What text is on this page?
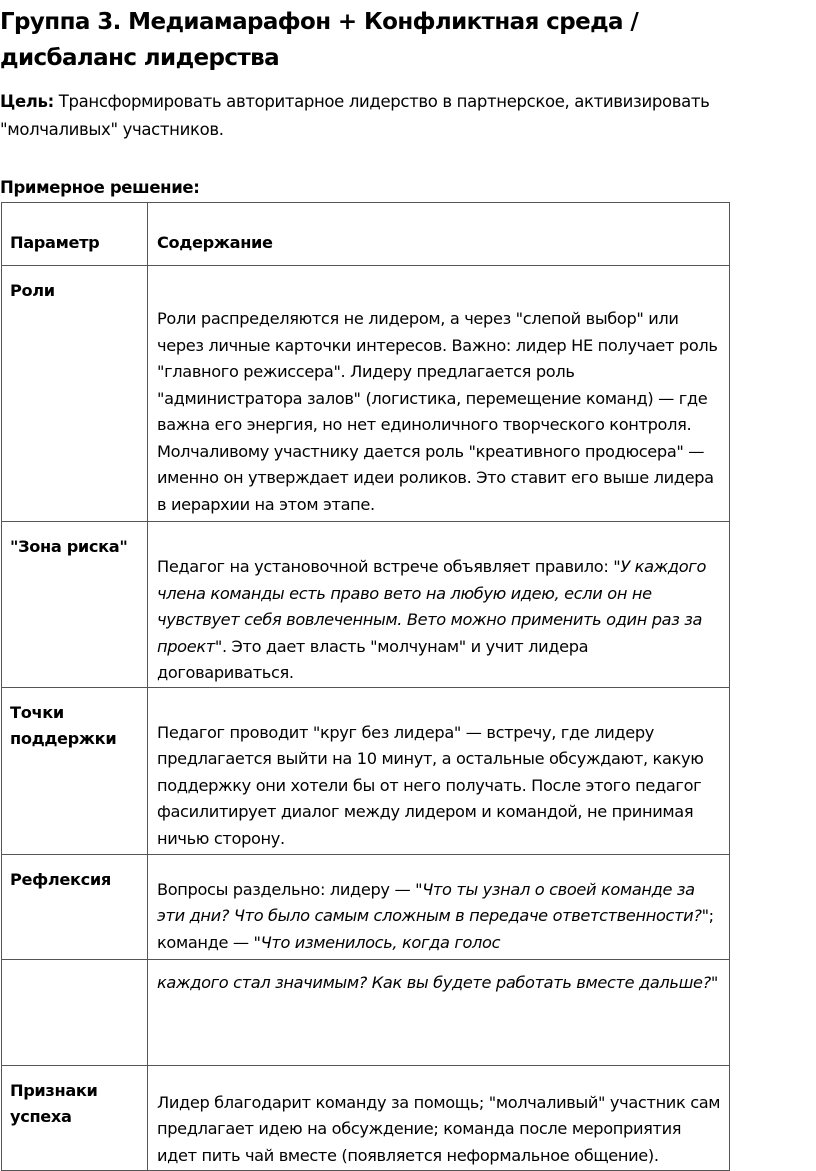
Группа 3. Медиамарафон + Конфликтная среда / дисбаланс лидерства

Цель: Трансформировать авторитарное лидерство в партнерское, активизировать "молчаливых" участников.

Примерное решение:

Параметр	Содержание
Роли	Роли распределяются не лидером, а через "слепой выбор" или через личные карточки интересов. Важно: лидер НЕ получает роль "главного режиссера". Лидеру предлагается роль "администратора залов" (логистика, перемещение команд) — где важна его энергия, но нет единоличного творческого контроля. Молчаливому участнику дается роль "креативного продюсера" — именно он утверждает идеи роликов. Это ставит его выше лидера в иерархии на этом этапе.
"Зона риска"	Педагог на установочной встрече объявляет правило: "У каждого члена команды есть право вето на любую идею, если он не чувствует себя вовлеченным. Вето можно применить один раз за проект". Это дает власть "молчунам" и учит лидера договариваться.
Точки поддержки	Педагог проводит "круг без лидера" — встречу, где лидеру предлагается выйти на 10 минут, а остальные обсуждают, какую поддержку они хотели бы от него получать. После этого педагог фасилитирует диалог между лидером и командой, не принимая ничью сторону.
Рефлексия	Вопросы раздельно: лидеру — "Что ты узнал о своей команде за эти дни? Что было самым сложным в передаче ответственности?"; команде — "Что изменилось, когда голос
	каждого стал значимым? Как вы будете работать вместе дальше?"
Признаки успеха	Лидер благодарит команду за помощь; "молчаливый" участник сам предлагает идею на обсуждение; команда после мероприятия идет пить чай вместе (появляется неформальное общение).
